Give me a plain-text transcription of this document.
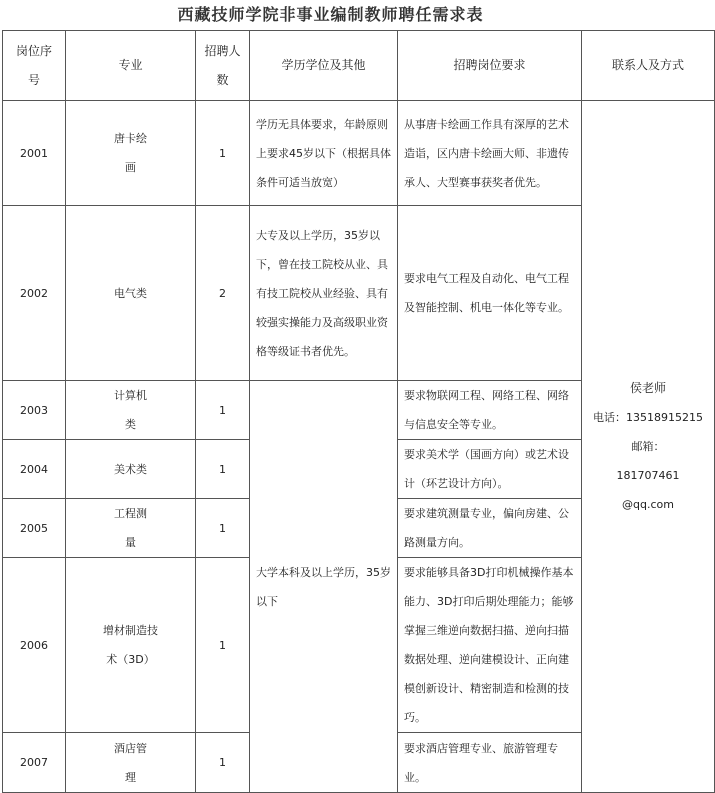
西藏技师学院非事业编制教师聘任需求表
岗位序号	专业	招聘人数	学历学位及其他	招聘岗位要求	联系人及方式
2001	唐卡绘画	1	学历无具体要求，年龄原则上要求45岁以下（根据具体条件可适当放宽）	从事唐卡绘画工作具有深厚的艺术造诣，区内唐卡绘画大师、非遗传承人、大型赛事获奖者优先。	侯老师
电话：13518915215
邮箱：
181707461
@qq.com

2002	电气类	2	大专及以上学历，35岁以下，曾在技工院校从业、具有技工院校从业经验、具有较强实操能力及高级职业资格等级证书者优先。	要求电气工程及自动化、电气工程及智能控制、机电一体化等专业。	
2003	计算机类	1	大学本科及以上学历，35岁以下	要求物联网工程、网络工程、网络与信息安全等专业。	
2004	美术类	1		要求美术学（国画方向）或艺术设计（环艺设计方向）。	
2005	工程测量	1		要求建筑测量专业，偏向房建、公路测量方向。	
2006	增材制造技术（3D）	1		要求能够具备3D打印机械操作基本能力、3D打印后期处理能力；能够掌握三维逆向数据扫描、逆向扫描数据处理、逆向建模设计、正向建模创新设计、精密制造和检测的技巧。	
2007	酒店管理	1		要求酒店管理专业、旅游管理专业。	
